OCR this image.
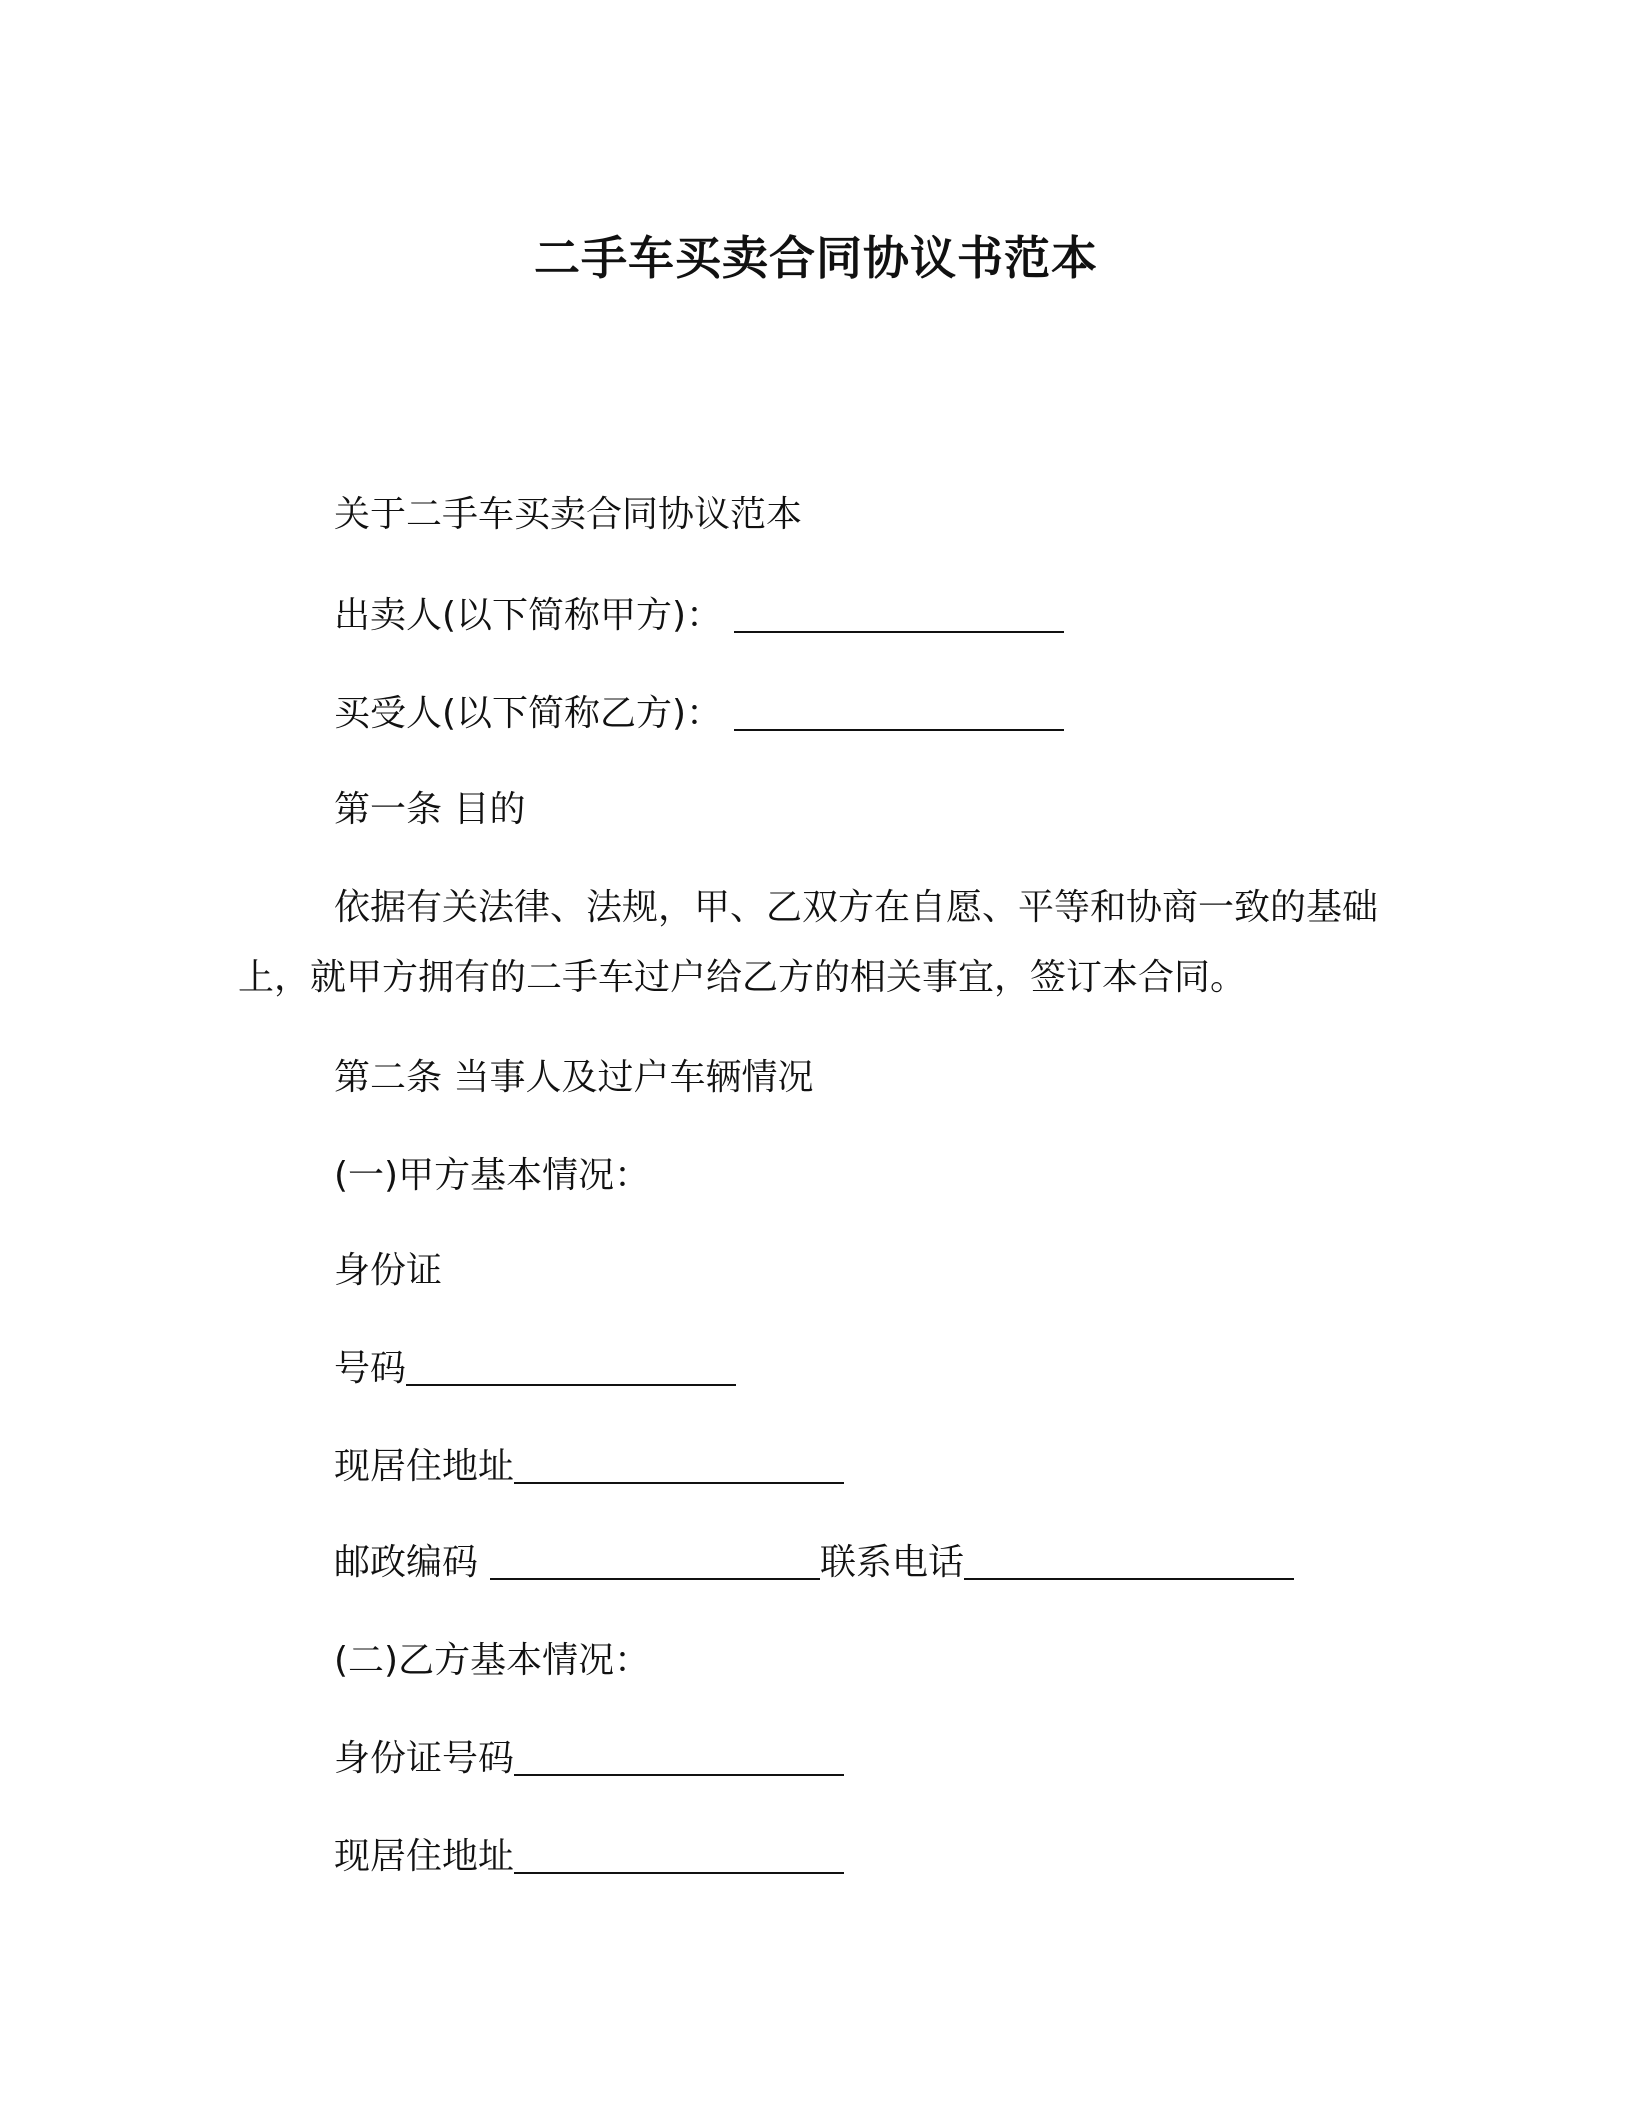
二手车买卖合同协议书范本
关于二手车买卖合同协议范本
出卖人(以下简称甲方)：
买受人(以下简称乙方)：
第一条 目的
依据有关法律、法规，甲、乙双方在自愿、平等和协商一致的基础上，就甲方拥有的二手车过户给乙方的相关事宜，签订本合同。
第二条 当事人及过户车辆情况
(一)甲方基本情况：
身份证
号码
现居住地址
邮政编码	联系电话
(二)乙方基本情况：
身份证号码
现居住地址
